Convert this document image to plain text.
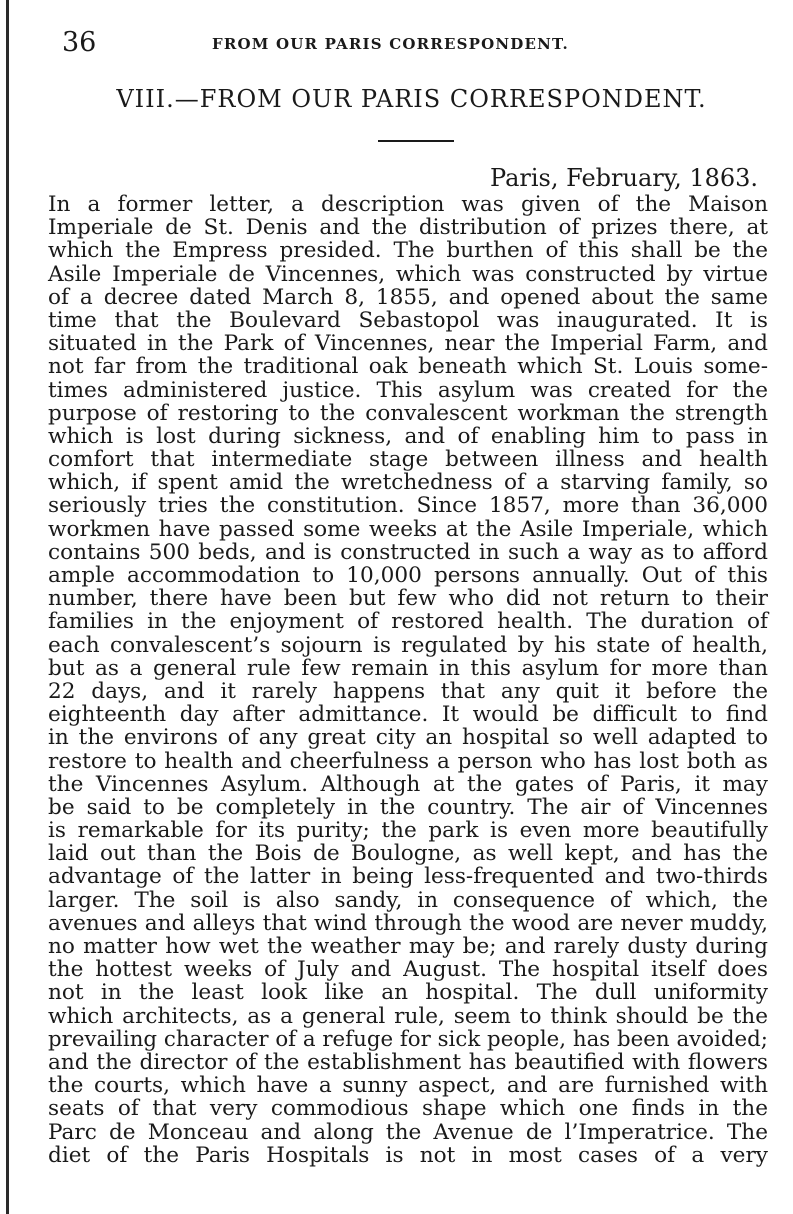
36	FROM OUR PARIS CORRESPONDENT.
VIII.—FROM OUR PARIS CORRESPONDENT.
Paris, February, 1863.
In a former letter, a description was given of the Maison
Imperiale de St. Denis and the distribution of prizes there, at
which the Empress presided. The burthen of this shall be the
Asile Imperiale de Vincennes, which was constructed by virtue
of a decree dated March 8, 1855, and opened about the same
time that the Boulevard Sebastopol was inaugurated. It is
situated in the Park of Vincennes, near the Imperial Farm, and
not far from the traditional oak beneath which St. Louis some-
times administered justice. This asylum was created for the
purpose of restoring to the convalescent workman the strength
which is lost during sickness, and of enabling him to pass in
comfort that intermediate stage between illness and health
which, if spent amid the wretchedness of a starving family, so
seriously tries the constitution. Since 1857, more than 36,000
workmen have passed some weeks at the Asile Imperiale, which
contains 500 beds, and is constructed in such a way as to afford
ample accommodation to 10,000 persons annually. Out of this
number, there have been but few who did not return to their
families in the enjoyment of restored health. The duration of
each convalescent’s sojourn is regulated by his state of health,
but as a general rule few remain in this asylum for more than
22 days, and it rarely happens that any quit it before the
eighteenth day after admittance. It would be difficult to find
in the environs of any great city an hospital so well adapted to
restore to health and cheerfulness a person who has lost both as
the Vincennes Asylum. Although at the gates of Paris, it may
be said to be completely in the country. The air of Vincennes
is remarkable for its purity; the park is even more beautifully
laid out than the Bois de Boulogne, as well kept, and has the
advantage of the latter in being less-frequented and two-thirds
larger. The soil is also sandy, in consequence of which, the
avenues and alleys that wind through the wood are never muddy,
no matter how wet the weather may be; and rarely dusty during
the hottest weeks of July and August. The hospital itself does
not in the least look like an hospital. The dull uniformity
which architects, as a general rule, seem to think should be the
prevailing character of a refuge for sick people, has been avoided;
and the director of the establishment has beautified with flowers
the courts, which have a sunny aspect, and are furnished with
seats of that very commodious shape which one finds in the
Parc de Monceau and along the Avenue de l’Imperatrice. The
diet of the Paris Hospitals is not in most cases of a very
